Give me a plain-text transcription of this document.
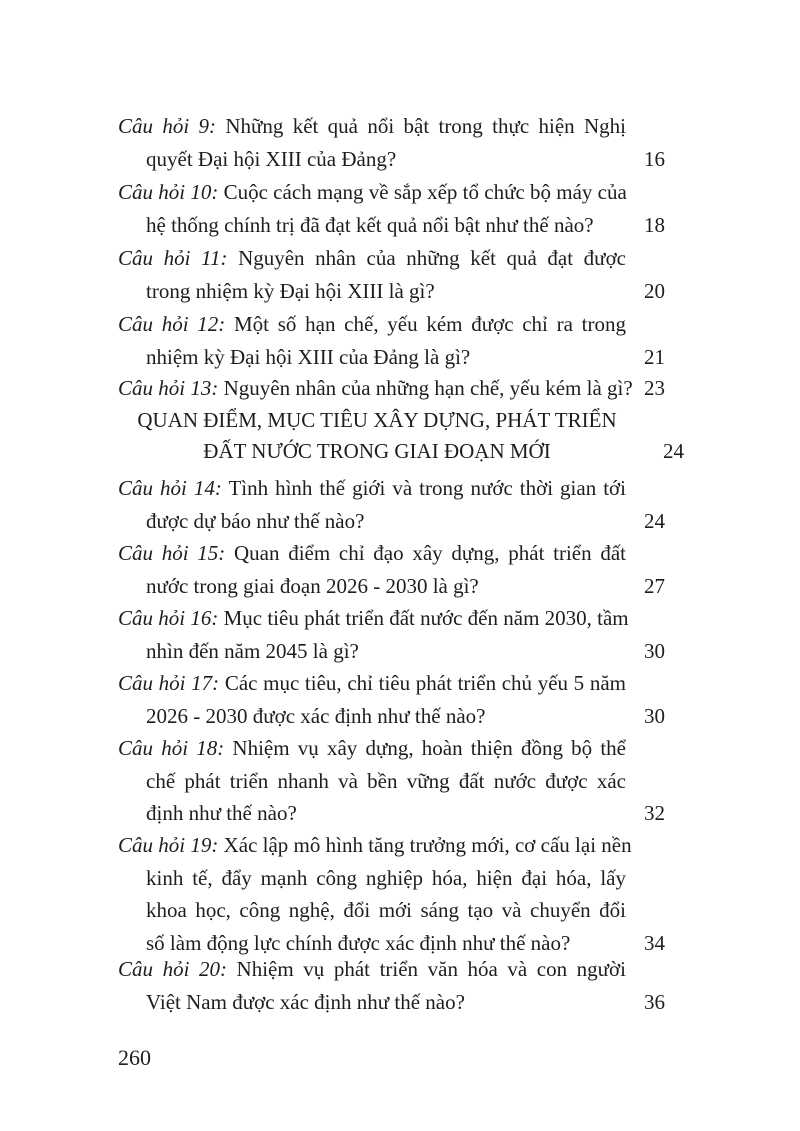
Câu hỏi 9: Những kết quả nổi bật trong thực hiện Nghị
quyết Đại hội XIII của Đảng?	16
Câu hỏi 10: Cuộc cách mạng về sắp xếp tổ chức bộ máy của
hệ thống chính trị đã đạt kết quả nổi bật như thế nào? 18
Câu hỏi 11: Nguyên nhân của những kết quả đạt được
trong nhiệm kỳ Đại hội XIII là gì?	20
Câu hỏi 12: Một số hạn chế, yếu kém được chỉ ra trong
nhiệm kỳ Đại hội XIII của Đảng là gì?	21
Câu hỏi 13: Nguyên nhân của những hạn chế, yếu kém là gì? 23
QUAN ĐIỂM, MỤC TIÊU XÂY DỰNG, PHÁT TRIỂN
ĐẤT NƯỚC TRONG GIAI ĐOẠN MỚI	24
Câu hỏi 14: Tình hình thế giới và trong nước thời gian tới
được dự báo như thế nào?	24
Câu hỏi 15: Quan điểm chỉ đạo xây dựng, phát triển đất
nước trong giai đoạn 2026 - 2030 là gì?	27
Câu hỏi 16: Mục tiêu phát triển đất nước đến năm 2030, tầm
nhìn đến năm 2045 là gì?	30
Câu hỏi 17: Các mục tiêu, chỉ tiêu phát triển chủ yếu 5 năm
2026 - 2030 được xác định như thế nào?	30
Câu hỏi 18: Nhiệm vụ xây dựng, hoàn thiện đồng bộ thể
chế phát triển nhanh và bền vững đất nước được xác
định như thế nào?	32
Câu hỏi 19: Xác lập mô hình tăng trưởng mới, cơ cấu lại nền
kinh tế, đẩy mạnh công nghiệp hóa, hiện đại hóa, lấy
khoa học, công nghệ, đổi mới sáng tạo và chuyển đổi
số làm động lực chính được xác định như thế nào?	34
Câu hỏi 20: Nhiệm vụ phát triển văn hóa và con người
Việt Nam được xác định như thế nào?	36
260
